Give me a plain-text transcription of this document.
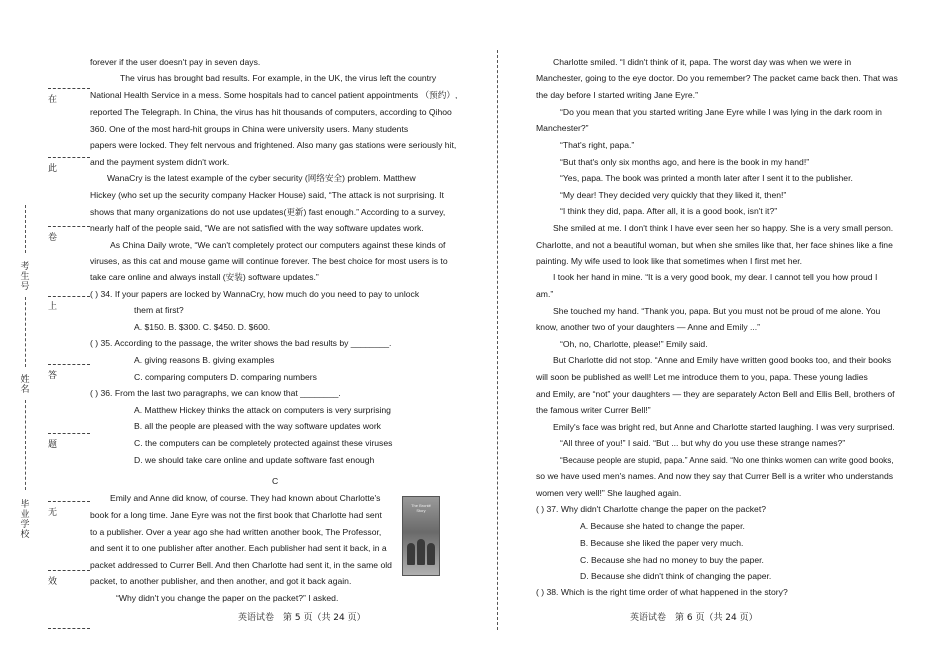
考生号
姓名
毕业学校
在
此
卷
上
答
题
无
效
forever if the user doesn't pay in seven days.
The virus has brought bad results. For example, in the UK, the virus left the country
National Health Service in a mess. Some hospitals had to cancel patient appointments （预约）,
reported The Telegraph. In China, the virus has hit thousands of computers, according to Qihoo
360. One of the most hard-hit groups in China were university users. Many students
papers were locked. They felt nervous and frightened. Also many gas stations were seriously hit,
and the payment system didn't work.
WanaCry is the latest example of the cyber security (网络安全) problem. Matthew
Hickey (who set up the security company Hacker House) said, “The attack is not surprising. It
shows that many organizations do not use updates(更新) fast enough.” According to a survey,
nearly half of the people said, “We are not satisfied with the way software updates work.
As China Daily wrote, “We can't completely protect our computers against these kinds of
viruses, as this cat and mouse game will continue forever. The best choice for most users is to
take care online and always install (安装) software updates.”
( ) 34. If your papers are locked by WannaCry, how much do you need to pay to unlock
them at first?
A. $150. B. $300. C. $450. D. $600.
( ) 35. According to the passage, the writer shows the bad results by ________.
A. giving reasons B. giving examples
C. comparing computers D. comparing numbers
( ) 36. From the last two paragraphs, we can know that ________.
A. Matthew Hickey thinks the attack on computers is very surprising
B. all the people are pleased with the way software updates work
C. the computers can be completely protected against these viruses
D. we should take care online and update software fast enough
C
Emily and Anne did know, of course. They had known about Charlotte's
book for a long time. Jane Eyre was not the first book that Charlotte had sent
to a publisher. Over a year ago she had written another book, The Professor,
and sent it to one publisher after another. Each publisher had sent it back, in a
packet addressed to Currer Bell. And then Charlotte had sent it, in the same old
packet, to another publisher, and then another, and got it back again.
“Why didn't you change the paper on the packet?” I asked.
The Brontë Story
英语试卷　第 5 页（共 24 页）
Charlotte smiled. “I didn't think of it, papa. The worst day was when we were in
Manchester, going to the eye doctor. Do you remember? The packet came back then. That was
the day before I started writing Jane Eyre.”
“Do you mean that you started writing Jane Eyre while I was lying in the dark room in
Manchester?”
“That's right, papa.”
“But that's only six months ago, and here is the book in my hand!”
“Yes, papa. The book was printed a month later after I sent it to the publisher.
“My dear! They decided very quickly that they liked it, then!”
“I think they did, papa. After all, it is a good book, isn't it?”
She smiled at me. I don't think I have ever seen her so happy. She is a very small person.
Charlotte, and not a beautiful woman, but when she smiles like that, her face shines like a fine
painting. My wife used to look like that sometimes when I first met her.
I took her hand in mine. “It is a very good book, my dear. I cannot tell you how proud I
am.”
She touched my hand. “Thank you, papa. But you must not be proud of me alone. You
know, another two of your daughters — Anne and Emily ...”
“Oh, no, Charlotte, please!” Emily said.
But Charlotte did not stop. “Anne and Emily have written good books too, and their books
will soon be published as well! Let me introduce them to you, papa. These young ladies
and Emily, are “not” your daughters — they are separately Acton Bell and Ellis Bell, brothers of
the famous writer Currer Bell!”
Emily's face was bright red, but Anne and Charlotte started laughing. I was very surprised.
“All three of you!” I said. “But ... but why do you use these strange names?”
“Because people are stupid, papa.” Anne said. “No one thinks women can write good books,
so we have used men's names. And now they say that Currer Bell is a writer who understands
women very well!” She laughed again.
( ) 37. Why didn't Charlotte change the paper on the packet?
A. Because she hated to change the paper.
B. Because she liked the paper very much.
C. Because she had no money to buy the paper.
D. Because she didn't think of changing the paper.
( ) 38. Which is the right time order of what happened in the story?
英语试卷　第 6 页（共 24 页）
